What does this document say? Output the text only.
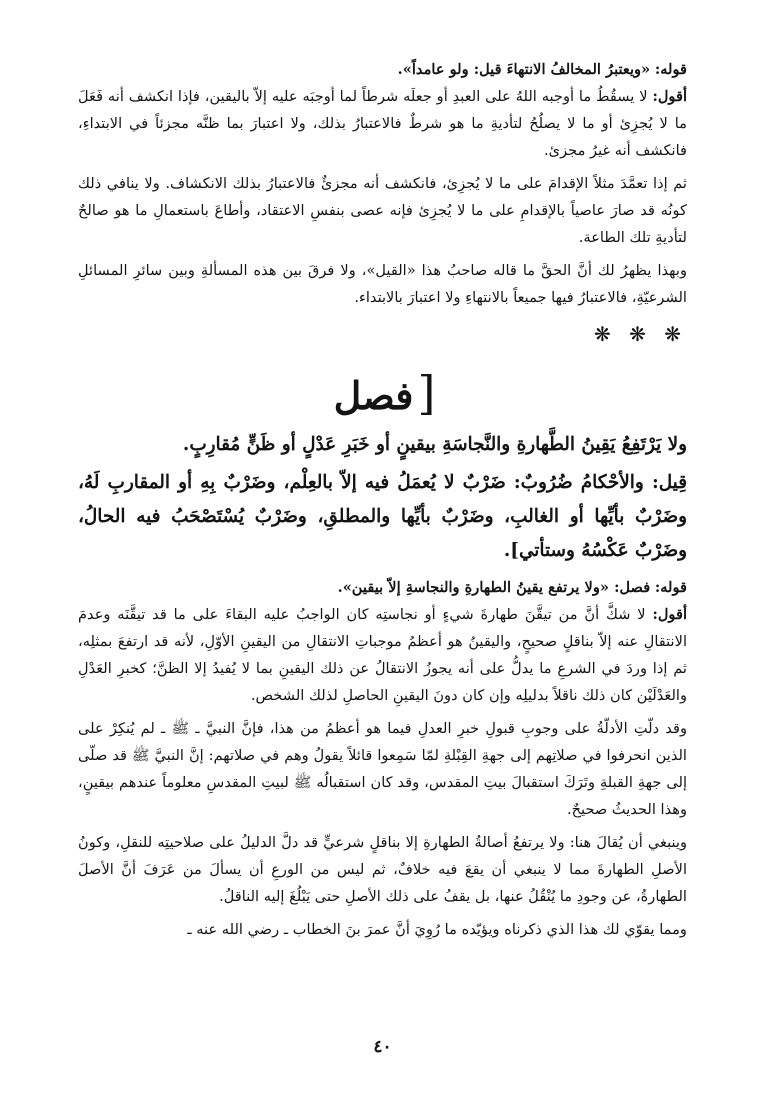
قوله: «ويعتبرُ المخالفُ الانتهاءَ قيل: ولو عامداً».

أقول: لا يسقُطُ ما أوجبه اللهُ على العبدِ أو جعلَه شرطاً لما أوجبَه عليه إلاّ باليقين، فإذا انكشف أنه فَعَلَ ما لا يُجزِئ أو ما لا يصلُحُ لتأديةِ ما هو شرطٌ فالاعتبارُ بذلك، ولا اعتبارَ بما ظنَّه مجزئاً في الابتداءِ، فانكشف أنه غيرُ مجزئ.

ثم إذا تعمَّدَ مثلاً الإقدامَ على ما لا يُجزِئ، فانكشف أنه مجزئٌ فالاعتبارُ بذلك الانكشاف. ولا ينافي ذلك كونُه قد صارَ عاصياً بالإقدامِ على ما لا يُجزِئ فإنه عصى بنفسِ الاعتقاد، وأطاعَ باستعمالِ ما هو صالحٌ لتأديةِ تلك الطاعة.

وبهذا يظهرُ لك أنَّ الحقَّ ما قاله صاحبُ هذا «القيل»، ولا فرقَ بين هذه المسألةِ وبين سائرِ المسائلِ الشرعيّةِ، فالاعتبارُ فيها جميعاً بالانتهاءِ ولا اعتبارَ بالابتداء.

❋ ❋ ❋
[فصل

ولا يَرْتَفِعُ يَقِينُ الطَّهارةِ والنَّجاسَةِ بيقينٍ أو خَبَرِ عَدْلٍ أو ظَنٍّ مُقارِبٍ.

قِيل: والأحْكامُ ضُرُوبٌ: ضَرْبٌ لا يُعمَلُ فيه إلاّ بالعِلْم، وضَرْبٌ بِهِ أو المقاربِ لَهُ، وضَرْبٌ بأيِّها أو الغالبِ، وضَرْبٌ بأيِّها والمطلقِ، وضَرْبٌ يُسْتَصْحَبُ فيه الحالُ، وضَرْبٌ عَكْسُهُ وستأتي].

قوله: فصل: «ولا يرتفع يقينُ الطهارةِ والنجاسةِ إلاّ بيقين».

أقول: لا شكَّ أنَّ من تيقَّنَ طهارةَ شيءٍ أو نجاستِه كان الواجبُ عليه البقاءَ على ما قد تيقَّنَه وعدمَ الانتقالِ عنه إلاّ بناقلٍ صحيحٍ، واليقينُ هو أعظمُ موجباتِ الانتقالِ من اليقينِ الأوّلِ، لأنه قد ارتفعَ بمثلِه، ثم إذا وردَ في الشرعِ ما يدلُّ على أنه يجوزُ الانتقالُ عن ذلك اليقينِ بما لا يُفيدُ إلا الظنَّ؛ كخبرِ العَدْلِ والعَدْلَيْن كان ذلك ناقلاً بدليلِه وإن كان دونَ اليقينِ الحاصلِ لذلك الشخص.

وقد دلّتِ الأدلّةُ على وجوبِ قبولِ خبرِ العدلِ فيما هو أعظمُ من هذا، فإنَّ النبيَّ ـ ﷺ ـ لم يُنكِرْ على الذين انحرفوا في صلاتِهم إلى جهةِ القِبْلةِ لمّا سَمِعوا قائلاً يقولُ وهم في صلاتهم: إنَّ النبيَّ ﷺ قد صلّى إلى جهةِ القبلةِ وتَرَكَ استقبالَ بيتِ المقدس، وقد كان استقبالُه ﷺ لبيتِ المقدسِ معلوماً عندهم بيقينٍ، وهذا الحديثُ صحيحٌ.

وينبغي أن يُقالَ هنا: ولا يرتفعُ أصالةُ الطهارةِ إلا بناقلٍ شرعيٍّ قد دلَّ الدليلُ على صلاحيتِه للنقلِ، وكونُ الأصلِ الطهارةَ مما لا ينبغي أن يقعَ فيه خلافٌ، ثم ليس من الورعِ أن يسألَ من عَرَفَ أنَّ الأصلَ الطهارةُ، عن وجودِ ما يُنْقُلُ عنها، بل يقفُ على ذلك الأصلِ حتى يَبْلُغَ إليه الناقلُ.

ومما يقوّي لك هذا الذي ذكرناه ويؤيّده ما رُوِيَ أنَّ عمرَ بنَ الخطاب ـ رضي الله عنه ـ

٤٠
